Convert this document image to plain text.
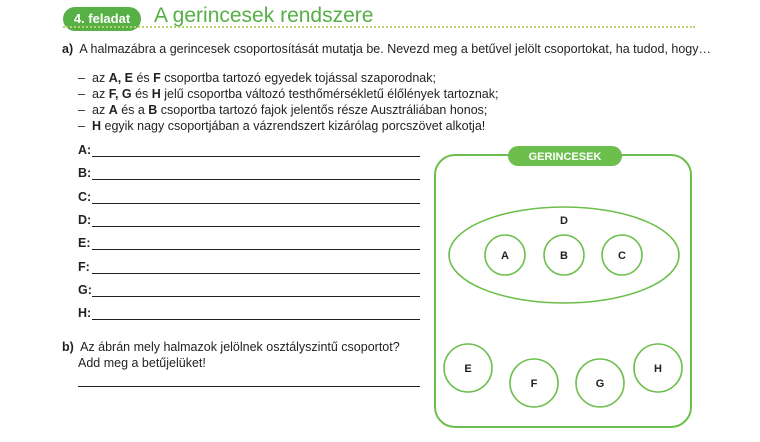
4. feladat	A gerincesek rendszere
a) A halmazábra a gerincesek csoportosítását mutatja be. Nevezd meg a betűvel jelölt csoportokat, ha tudod, hogy…
– az A, E és F csoportba tartozó egyedek tojással szaporodnak;
– az F, G és H jelű csoportba változó testhőmérsékletű élőlények tartoznak;
– az A és a B csoportba tartozó fajok jelentős része Ausztráliában honos;
– H egyik nagy csoportjában a vázrendszert kizárólag porcszövet alkotja!
A:
B:
C:
D:
E:
F:
G:
H:
b) Az ábrán mely halmazok jelölnek osztályszintű csoportot?
Add meg a betűjelüket!
GERINCESEK
D
A	B	C
E
F	G
H
